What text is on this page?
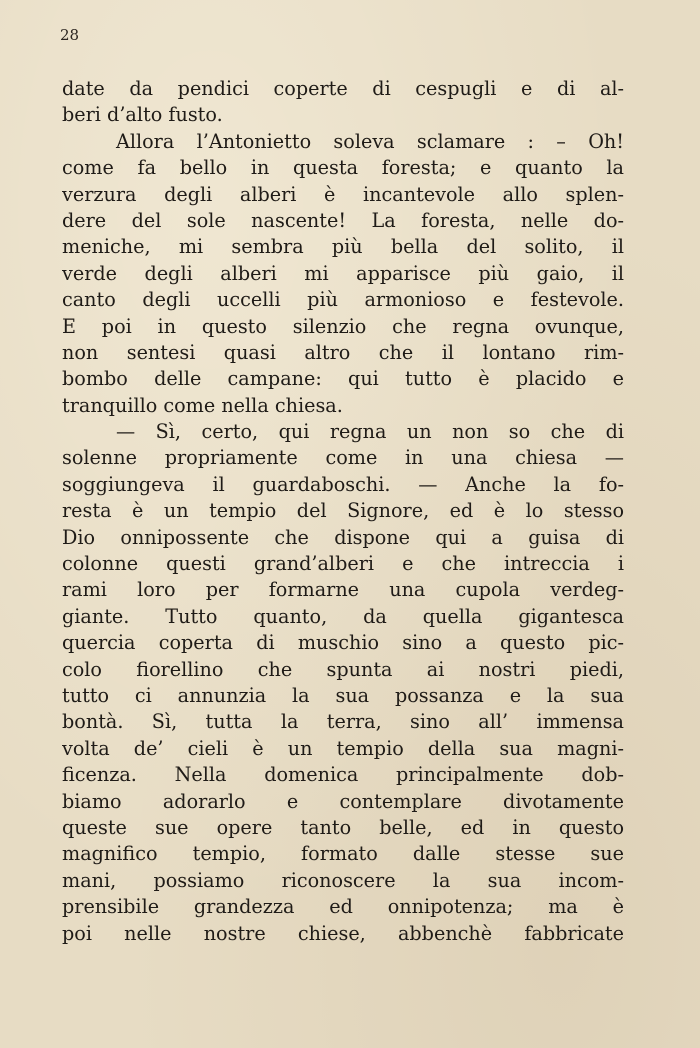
28
date da pendici coperte di cespugli e di al-
beri d’alto fusto.
Allora l’Antonietto soleva sclamare : – Oh!
come fa bello in questa foresta; e quanto la
verzura degli alberi è incantevole allo splen-
dere del sole nascente! La foresta, nelle do-
meniche, mi sembra più bella del solito, il
verde degli alberi mi apparisce più gaio, il
canto degli uccelli più armonioso e festevole.
E poi in questo silenzio che regna ovunque,
non sentesi quasi altro che il lontano rim-
bombo delle campane: qui tutto è placido e
tranquillo come nella chiesa.
— Sì, certo, qui regna un non so che di
solenne propriamente come in una chiesa —
soggiungeva il guardaboschi. — Anche la fo-
resta è un tempio del Signore, ed è lo stesso
Dio onnipossente che dispone qui a guisa di
colonne questi grand’alberi e che intreccia i
rami loro per formarne una cupola verdeg-
giante. Tutto quanto, da quella gigantesca
quercia coperta di muschio sino a questo pic-
colo fiorellino che spunta ai nostri piedi,
tutto ci annunzia la sua possanza e la sua
bontà. Sì, tutta la terra, sino all’ immensa
volta de’ cieli è un tempio della sua magni-
ficenza. Nella domenica principalmente dob-
biamo adorarlo e contemplare divotamente
queste sue opere tanto belle, ed in questo
magnifico tempio, formato dalle stesse sue
mani, possiamo riconoscere la sua incom-
prensibile grandezza ed onnipotenza; ma è
poi nelle nostre chiese, abbenchè fabbricate
